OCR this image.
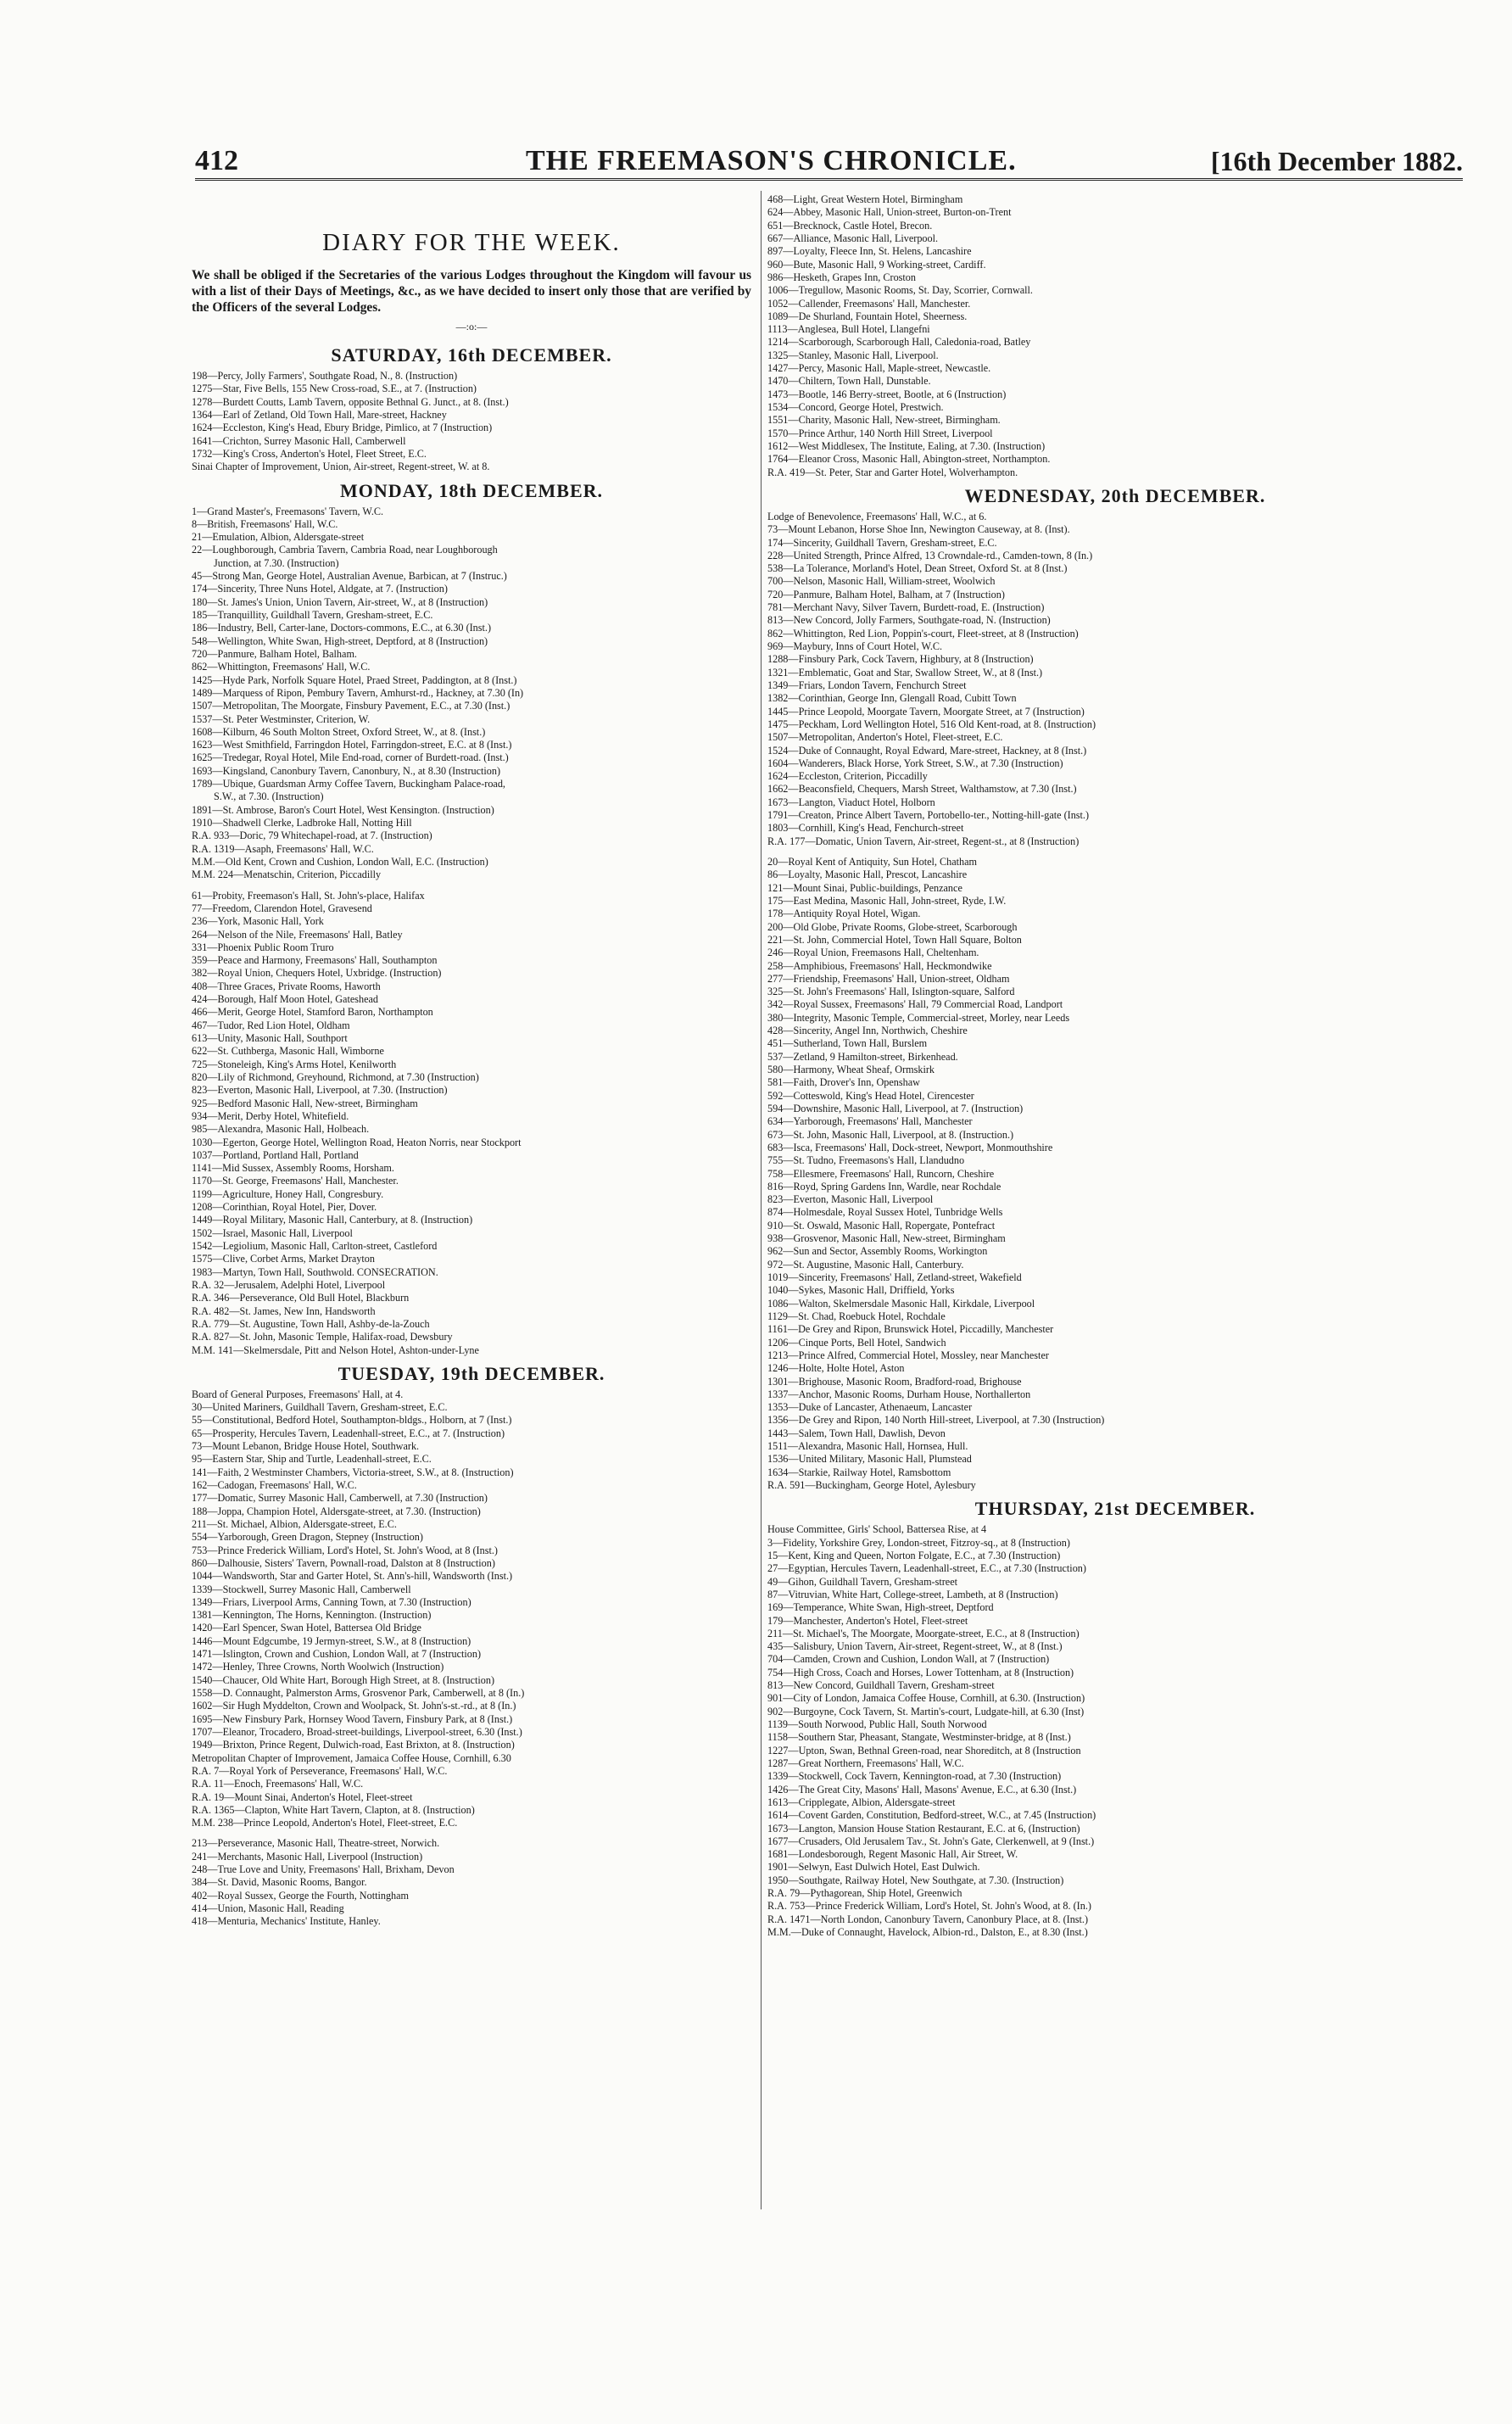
412	THE FREEMASON'S CHRONICLE.	[16th December 1882.
DIARY FOR THE WEEK.
We shall be obliged if the Secretaries of the various Lodges throughout the Kingdom will favour us with a list of their Days of Meetings, &c., as we have decided to insert only those that are verified by the Officers of the several Lodges.
—:o:—
SATURDAY, 16th DECEMBER.
198—Percy, Jolly Farmers', Southgate Road, N., 8. (Instruction)
1275—Star, Five Bells, 155 New Cross-road, S.E., at 7. (Instruction)
1278—Burdett Coutts, Lamb Tavern, opposite Bethnal G. Junct., at 8. (Inst.)
1364—Earl of Zetland, Old Town Hall, Mare-street, Hackney
1624—Eccleston, King's Head, Ebury Bridge, Pimlico, at 7 (Instruction)
1641—Crichton, Surrey Masonic Hall, Camberwell
1732—King's Cross, Anderton's Hotel, Fleet Street, E.C.
Sinai Chapter of Improvement, Union, Air-street, Regent-street, W. at 8.
MONDAY, 18th DECEMBER.
1—Grand Master's, Freemasons' Tavern, W.C.
8—British, Freemasons' Hall, W.C.
21—Emulation, Albion, Aldersgate-street
22—Loughborough, Cambria Tavern, Cambria Road, near Loughborough
Junction, at 7.30. (Instruction)
45—Strong Man, George Hotel, Australian Avenue, Barbican, at 7 (Instruc.)
174—Sincerity, Three Nuns Hotel, Aldgate, at 7. (Instruction)
180—St. James's Union, Union Tavern, Air-street, W., at 8 (Instruction)
185—Tranquillity, Guildhall Tavern, Gresham-street, E.C.
186—Industry, Bell, Carter-lane, Doctors-commons, E.C., at 6.30 (Inst.)
548—Wellington, White Swan, High-street, Deptford, at 8 (Instruction)
720—Panmure, Balham Hotel, Balham.
862—Whittington, Freemasons' Hall, W.C.
1425—Hyde Park, Norfolk Square Hotel, Praed Street, Paddington, at 8 (Inst.)
1489—Marquess of Ripon, Pembury Tavern, Amhurst-rd., Hackney, at 7.30 (In)
1507—Metropolitan, The Moorgate, Finsbury Pavement, E.C., at 7.30 (Inst.)
1537—St. Peter Westminster, Criterion, W.
1608—Kilburn, 46 South Molton Street, Oxford Street, W., at 8. (Inst.)
1623—West Smithfield, Farringdon Hotel, Farringdon-street, E.C. at 8 (Inst.)
1625—Tredegar, Royal Hotel, Mile End-road, corner of Burdett-road. (Inst.)
1693—Kingsland, Canonbury Tavern, Canonbury, N., at 8.30 (Instruction)
1789—Ubique, Guardsman Army Coffee Tavern, Buckingham Palace-road,
S.W., at 7.30. (Instruction)
1891—St. Ambrose, Baron's Court Hotel, West Kensington. (Instruction)
1910—Shadwell Clerke, Ladbroke Hall, Notting Hill
R.A. 933—Doric, 79 Whitechapel-road, at 7. (Instruction)
R.A. 1319—Asaph, Freemasons' Hall, W.C.
M.M.—Old Kent, Crown and Cushion, London Wall, E.C. (Instruction)
M.M. 224—Menatschin, Criterion, Piccadilly
61—Probity, Freemason's Hall, St. John's-place, Halifax
77—Freedom, Clarendon Hotel, Gravesend
236—York, Masonic Hall, York
264—Nelson of the Nile, Freemasons' Hall, Batley
331—Phoenix Public Room Truro
359—Peace and Harmony, Freemasons' Hall, Southampton
382—Royal Union, Chequers Hotel, Uxbridge. (Instruction)
408—Three Graces, Private Rooms, Haworth
424—Borough, Half Moon Hotel, Gateshead
466—Merit, George Hotel, Stamford Baron, Northampton
467—Tudor, Red Lion Hotel, Oldham
613—Unity, Masonic Hall, Southport
622—St. Cuthberga, Masonic Hall, Wimborne
725—Stoneleigh, King's Arms Hotel, Kenilworth
820—Lily of Richmond, Greyhound, Richmond, at 7.30 (Instruction)
823—Everton, Masonic Hall, Liverpool, at 7.30. (Instruction)
925—Bedford Masonic Hall, New-street, Birmingham
934—Merit, Derby Hotel, Whitefield.
985—Alexandra, Masonic Hall, Holbeach.
1030—Egerton, George Hotel, Wellington Road, Heaton Norris, near Stockport
1037—Portland, Portland Hall, Portland
1141—Mid Sussex, Assembly Rooms, Horsham.
1170—St. George, Freemasons' Hall, Manchester.
1199—Agriculture, Honey Hall, Congresbury.
1208—Corinthian, Royal Hotel, Pier, Dover.
1449—Royal Military, Masonic Hall, Canterbury, at 8. (Instruction)
1502—Israel, Masonic Hall, Liverpool
1542—Legiolium, Masonic Hall, Carlton-street, Castleford
1575—Clive, Corbet Arms, Market Drayton
1983—Martyn, Town Hall, Southwold. CONSECRATION.
R.A. 32—Jerusalem, Adelphi Hotel, Liverpool
R.A. 346—Perseverance, Old Bull Hotel, Blackburn
R.A. 482—St. James, New Inn, Handsworth
R.A. 779—St. Augustine, Town Hall, Ashby-de-la-Zouch
R.A. 827—St. John, Masonic Temple, Halifax-road, Dewsbury
M.M. 141—Skelmersdale, Pitt and Nelson Hotel, Ashton-under-Lyne
TUESDAY, 19th DECEMBER.
Board of General Purposes, Freemasons' Hall, at 4.
30—United Mariners, Guildhall Tavern, Gresham-street, E.C.
55—Constitutional, Bedford Hotel, Southampton-bldgs., Holborn, at 7 (Inst.)
65—Prosperity, Hercules Tavern, Leadenhall-street, E.C., at 7. (Instruction)
73—Mount Lebanon, Bridge House Hotel, Southwark.
95—Eastern Star, Ship and Turtle, Leadenhall-street, E.C.
141—Faith, 2 Westminster Chambers, Victoria-street, S.W., at 8. (Instruction)
162—Cadogan, Freemasons' Hall, W.C.
177—Domatic, Surrey Masonic Hall, Camberwell, at 7.30 (Instruction)
188—Joppa, Champion Hotel, Aldersgate-street, at 7.30. (Instruction)
211—St. Michael, Albion, Aldersgate-street, E.C.
554—Yarborough, Green Dragon, Stepney (Instruction)
753—Prince Frederick William, Lord's Hotel, St. John's Wood, at 8 (Inst.)
860—Dalhousie, Sisters' Tavern, Pownall-road, Dalston at 8 (Instruction)
1044—Wandsworth, Star and Garter Hotel, St. Ann's-hill, Wandsworth (Inst.)
1339—Stockwell, Surrey Masonic Hall, Camberwell
1349—Friars, Liverpool Arms, Canning Town, at 7.30 (Instruction)
1381—Kennington, The Horns, Kennington. (Instruction)
1420—Earl Spencer, Swan Hotel, Battersea Old Bridge
1446—Mount Edgcumbe, 19 Jermyn-street, S.W., at 8 (Instruction)
1471—Islington, Crown and Cushion, London Wall, at 7 (Instruction)
1472—Henley, Three Crowns, North Woolwich (Instruction)
1540—Chaucer, Old White Hart, Borough High Street, at 8. (Instruction)
1558—D. Connaught, Palmerston Arms, Grosvenor Park, Camberwell, at 8 (In.)
1602—Sir Hugh Myddelton, Crown and Woolpack, St. John's-st.-rd., at 8 (In.)
1695—New Finsbury Park, Hornsey Wood Tavern, Finsbury Park, at 8 (Inst.)
1707—Eleanor, Trocadero, Broad-street-buildings, Liverpool-street, 6.30 (Inst.)
1949—Brixton, Prince Regent, Dulwich-road, East Brixton, at 8. (Instruction)
Metropolitan Chapter of Improvement, Jamaica Coffee House, Cornhill, 6.30
R.A. 7—Royal York of Perseverance, Freemasons' Hall, W.C.
R.A. 11—Enoch, Freemasons' Hall, W.C.
R.A. 19—Mount Sinai, Anderton's Hotel, Fleet-street
R.A. 1365—Clapton, White Hart Tavern, Clapton, at 8. (Instruction)
M.M. 238—Prince Leopold, Anderton's Hotel, Fleet-street, E.C.
213—Perseverance, Masonic Hall, Theatre-street, Norwich.
241—Merchants, Masonic Hall, Liverpool (Instruction)
248—True Love and Unity, Freemasons' Hall, Brixham, Devon
384—St. David, Masonic Rooms, Bangor.
402—Royal Sussex, George the Fourth, Nottingham
414—Union, Masonic Hall, Reading
418—Menturia, Mechanics' Institute, Hanley.
468—Light, Great Western Hotel, Birmingham
624—Abbey, Masonic Hall, Union-street, Burton-on-Trent
651—Brecknock, Castle Hotel, Brecon.
667—Alliance, Masonic Hall, Liverpool.
897—Loyalty, Fleece Inn, St. Helens, Lancashire
960—Bute, Masonic Hall, 9 Working-street, Cardiff.
986—Hesketh, Grapes Inn, Croston
1006—Tregullow, Masonic Rooms, St. Day, Scorrier, Cornwall.
1052—Callender, Freemasons' Hall, Manchester.
1089—De Shurland, Fountain Hotel, Sheerness.
1113—Anglesea, Bull Hotel, Llangefni
1214—Scarborough, Scarborough Hall, Caledonia-road, Batley
1325—Stanley, Masonic Hall, Liverpool.
1427—Percy, Masonic Hall, Maple-street, Newcastle.
1470—Chiltern, Town Hall, Dunstable.
1473—Bootle, 146 Berry-street, Bootle, at 6 (Instruction)
1534—Concord, George Hotel, Prestwich.
1551—Charity, Masonic Hall, New-street, Birmingham.
1570—Prince Arthur, 140 North Hill Street, Liverpool
1612—West Middlesex, The Institute, Ealing, at 7.30. (Instruction)
1764—Eleanor Cross, Masonic Hall, Abington-street, Northampton.
R.A. 419—St. Peter, Star and Garter Hotel, Wolverhampton.
WEDNESDAY, 20th DECEMBER.
Lodge of Benevolence, Freemasons' Hall, W.C., at 6.
73—Mount Lebanon, Horse Shoe Inn, Newington Causeway, at 8. (Inst).
174—Sincerity, Guildhall Tavern, Gresham-street, E.C.
228—United Strength, Prince Alfred, 13 Crowndale-rd., Camden-town, 8 (In.)
538—La Tolerance, Morland's Hotel, Dean Street, Oxford St. at 8 (Inst.)
700—Nelson, Masonic Hall, William-street, Woolwich
720—Panmure, Balham Hotel, Balham, at 7 (Instruction)
781—Merchant Navy, Silver Tavern, Burdett-road, E. (Instruction)
813—New Concord, Jolly Farmers, Southgate-road, N. (Instruction)
862—Whittington, Red Lion, Poppin's-court, Fleet-street, at 8 (Instruction)
969—Maybury, Inns of Court Hotel, W.C.
1288—Finsbury Park, Cock Tavern, Highbury, at 8 (Instruction)
1321—Emblematic, Goat and Star, Swallow Street, W., at 8 (Inst.)
1349—Friars, London Tavern, Fenchurch Street
1382—Corinthian, George Inn, Glengall Road, Cubitt Town
1445—Prince Leopold, Moorgate Tavern, Moorgate Street, at 7 (Instruction)
1475—Peckham, Lord Wellington Hotel, 516 Old Kent-road, at 8. (Instruction)
1507—Metropolitan, Anderton's Hotel, Fleet-street, E.C.
1524—Duke of Connaught, Royal Edward, Mare-street, Hackney, at 8 (Inst.)
1604—Wanderers, Black Horse, York Street, S.W., at 7.30 (Instruction)
1624—Eccleston, Criterion, Piccadilly
1662—Beaconsfield, Chequers, Marsh Street, Walthamstow, at 7.30 (Inst.)
1673—Langton, Viaduct Hotel, Holborn
1791—Creaton, Prince Albert Tavern, Portobello-ter., Notting-hill-gate (Inst.)
1803—Cornhill, King's Head, Fenchurch-street
R.A. 177—Domatic, Union Tavern, Air-street, Regent-st., at 8 (Instruction)
20—Royal Kent of Antiquity, Sun Hotel, Chatham
86—Loyalty, Masonic Hall, Prescot, Lancashire
121—Mount Sinai, Public-buildings, Penzance
175—East Medina, Masonic Hall, John-street, Ryde, I.W.
178—Antiquity Royal Hotel, Wigan.
200—Old Globe, Private Rooms, Globe-street, Scarborough
221—St. John, Commercial Hotel, Town Hall Square, Bolton
246—Royal Union, Freemasons Hall, Cheltenham.
258—Amphibious, Freemasons' Hall, Heckmondwike
277—Friendship, Freemasons' Hall, Union-street, Oldham
325—St. John's Freemasons' Hall, Islington-square, Salford
342—Royal Sussex, Freemasons' Hall, 79 Commercial Road, Landport
380—Integrity, Masonic Temple, Commercial-street, Morley, near Leeds
428—Sincerity, Angel Inn, Northwich, Cheshire
451—Sutherland, Town Hall, Burslem
537—Zetland, 9 Hamilton-street, Birkenhead.
580—Harmony, Wheat Sheaf, Ormskirk
581—Faith, Drover's Inn, Openshaw
592—Cotteswold, King's Head Hotel, Cirencester
594—Downshire, Masonic Hall, Liverpool, at 7. (Instruction)
634—Yarborough, Freemasons' Hall, Manchester
673—St. John, Masonic Hall, Liverpool, at 8. (Instruction.)
683—Isca, Freemasons' Hall, Dock-street, Newport, Monmouthshire
755—St. Tudno, Freemasons's Hall, Llandudno
758—Ellesmere, Freemasons' Hall, Runcorn, Cheshire
816—Royd, Spring Gardens Inn, Wardle, near Rochdale
823—Everton, Masonic Hall, Liverpool
874—Holmesdale, Royal Sussex Hotel, Tunbridge Wells
910—St. Oswald, Masonic Hall, Ropergate, Pontefract
938—Grosvenor, Masonic Hall, New-street, Birmingham
962—Sun and Sector, Assembly Rooms, Workington
972—St. Augustine, Masonic Hall, Canterbury.
1019—Sincerity, Freemasons' Hall, Zetland-street, Wakefield
1040—Sykes, Masonic Hall, Driffield, Yorks
1086—Walton, Skelmersdale Masonic Hall, Kirkdale, Liverpool
1129—St. Chad, Roebuck Hotel, Rochdale
1161—De Grey and Ripon, Brunswick Hotel, Piccadilly, Manchester
1206—Cinque Ports, Bell Hotel, Sandwich
1213—Prince Alfred, Commercial Hotel, Mossley, near Manchester
1246—Holte, Holte Hotel, Aston
1301—Brighouse, Masonic Room, Bradford-road, Brighouse
1337—Anchor, Masonic Rooms, Durham House, Northallerton
1353—Duke of Lancaster, Athenaeum, Lancaster
1356—De Grey and Ripon, 140 North Hill-street, Liverpool, at 7.30 (Instruction)
1443—Salem, Town Hall, Dawlish, Devon
1511—Alexandra, Masonic Hall, Hornsea, Hull.
1536—United Military, Masonic Hall, Plumstead
1634—Starkie, Railway Hotel, Ramsbottom
R.A. 591—Buckingham, George Hotel, Aylesbury
THURSDAY, 21st DECEMBER.
House Committee, Girls' School, Battersea Rise, at 4
3—Fidelity, Yorkshire Grey, London-street, Fitzroy-sq., at 8 (Instruction)
15—Kent, King and Queen, Norton Folgate, E.C., at 7.30 (Instruction)
27—Egyptian, Hercules Tavern, Leadenhall-street, E.C., at 7.30 (Instruction)
49—Gihon, Guildhall Tavern, Gresham-street
87—Vitruvian, White Hart, College-street, Lambeth, at 8 (Instruction)
169—Temperance, White Swan, High-street, Deptford
179—Manchester, Anderton's Hotel, Fleet-street
211—St. Michael's, The Moorgate, Moorgate-street, E.C., at 8 (Instruction)
435—Salisbury, Union Tavern, Air-street, Regent-street, W., at 8 (Inst.)
704—Camden, Crown and Cushion, London Wall, at 7 (Instruction)
754—High Cross, Coach and Horses, Lower Tottenham, at 8 (Instruction)
813—New Concord, Guildhall Tavern, Gresham-street
901—City of London, Jamaica Coffee House, Cornhill, at 6.30. (Instruction)
902—Burgoyne, Cock Tavern, St. Martin's-court, Ludgate-hill, at 6.30 (Inst)
1139—South Norwood, Public Hall, South Norwood
1158—Southern Star, Pheasant, Stangate, Westminster-bridge, at 8 (Inst.)
1227—Upton, Swan, Bethnal Green-road, near Shoreditch, at 8 (Instruction
1287—Great Northern, Freemasons' Hall, W.C.
1339—Stockwell, Cock Tavern, Kennington-road, at 7.30 (Instruction)
1426—The Great City, Masons' Hall, Masons' Avenue, E.C., at 6.30 (Inst.)
1613—Cripplegate, Albion, Aldersgate-street
1614—Covent Garden, Constitution, Bedford-street, W.C., at 7.45 (Instruction)
1673—Langton, Mansion House Station Restaurant, E.C. at 6, (Instruction)
1677—Crusaders, Old Jerusalem Tav., St. John's Gate, Clerkenwell, at 9 (Inst.)
1681—Londesborough, Regent Masonic Hall, Air Street, W.
1901—Selwyn, East Dulwich Hotel, East Dulwich.
1950—Southgate, Railway Hotel, New Southgate, at 7.30. (Instruction)
R.A. 79—Pythagorean, Ship Hotel, Greenwich
R.A. 753—Prince Frederick William, Lord's Hotel, St. John's Wood, at 8. (In.)
R.A. 1471—North London, Canonbury Tavern, Canonbury Place, at 8. (Inst.)
M.M.—Duke of Connaught, Havelock, Albion-rd., Dalston, E., at 8.30 (Inst.)
